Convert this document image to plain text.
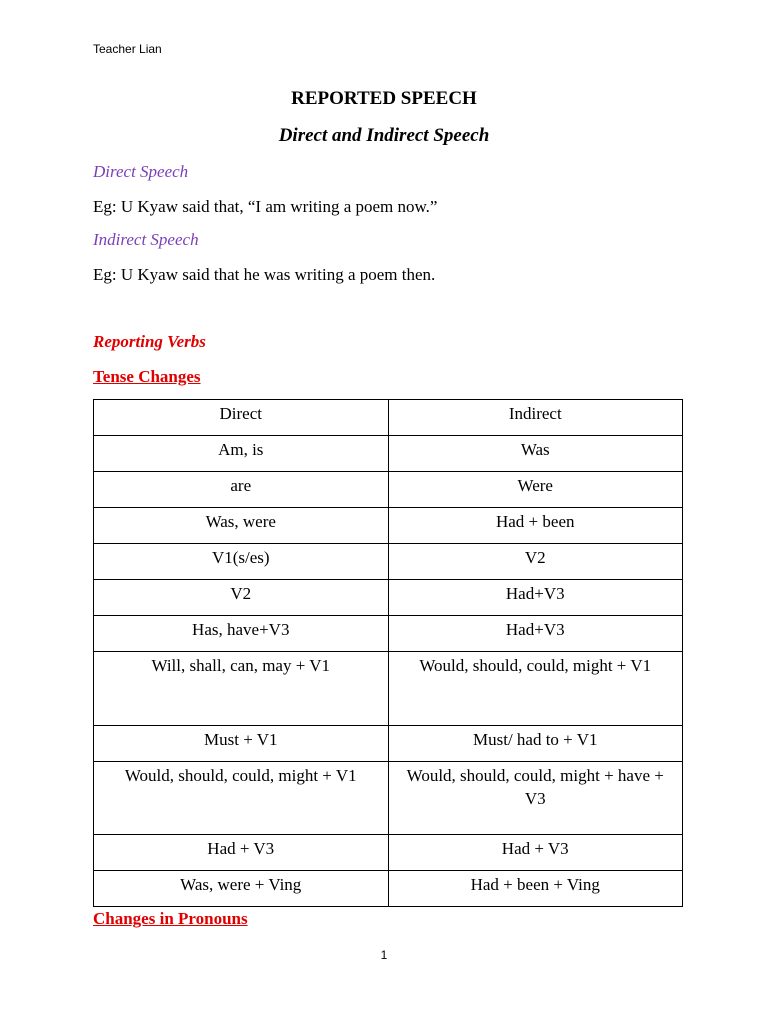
Teacher Lian
REPORTED SPEECH
Direct and Indirect Speech
Direct Speech
Eg: U Kyaw said that, “I am writing a poem now.”
Indirect Speech
Eg: U Kyaw said that he was writing a poem then.
Reporting Verbs
Tense Changes
Direct	Indirect
Am, is	Was
are	Were
Was, were	Had + been
V1(s/es)	V2
V2	Had+V3
Has, have+V3	Had+V3
Will, shall, can, may + V1	Would, should, could, might + V1
Must + V1	Must/ had to + V1
Would, should, could, might + V1	Would, should, could, might + have + V3
Had + V3	Had + V3
Was, were + Ving	Had + been + Ving
Changes in Pronouns
1
